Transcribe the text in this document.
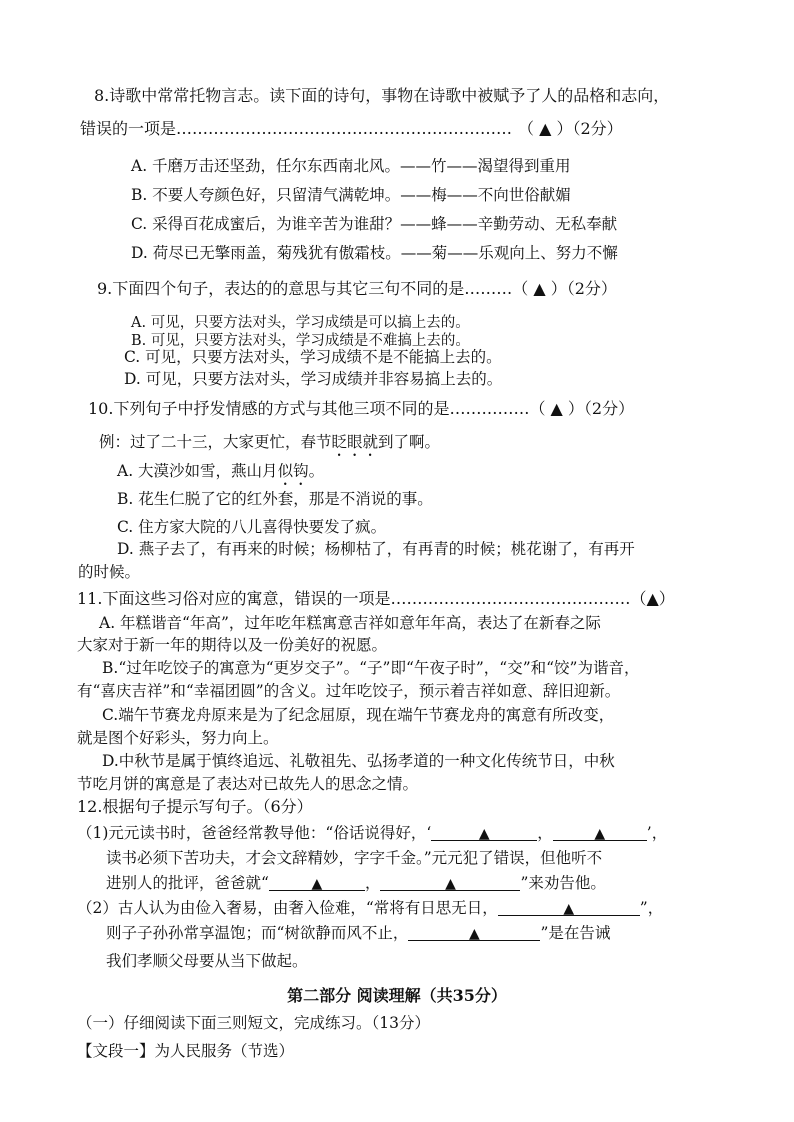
8.诗歌中常常托物言志。读下面的诗句，事物在诗歌中被赋予了人的品格和志向，
错误的一项是……………………………………………………… （ ▲ ）（2分）
A. 千磨万击还坚劲，任尔东西南北风。——竹——渴望得到重用
B. 不要人夸颜色好，只留清气满乾坤。——梅——不向世俗献媚
C. 采得百花成蜜后，为谁辛苦为谁甜？——蜂——辛勤劳动、无私奉献
D. 荷尽已无擎雨盖，菊残犹有傲霜枝。——菊——乐观向上、努力不懈
9.下面四个句子，表达的的意思与其它三句不同的是………（ ▲ ）（2分）
A. 可见，只要方法对头，学习成绩是可以搞上去的。
B. 可见，只要方法对头，学习成绩是不难搞上去的。
C. 可见，只要方法对头，学习成绩不是不能搞上去的。
D. 可见，只要方法对头，学习成绩并非容易搞上去的。
10.下列句子中抒发情感的方式与其他三项不同的是……………（ ▲ ）（2分）
例：过了二十三，大家更忙，春节眨眼就到了啊。
A. 大漠沙如雪，燕山月似钩。
B. 花生仁脱了它的红外套，那是不消说的事。
C. 住方家大院的八儿喜得快要发了疯。
D. 燕子去了，有再来的时候；杨柳枯了，有再青的时候；桃花谢了，有再开
的时候。
11.下面这些习俗对应的寓意，错误的一项是………………………………………（▲）
A. 年糕谐音“年高”，过年吃年糕寓意吉祥如意年年高，表达了在新春之际
大家对于新一年的期待以及一份美好的祝愿。
B.“过年吃饺子的寓意为“更岁交子”。“子”即“午夜子时”，“交”和“饺”为谐音，
有“喜庆吉祥”和“幸福团圆”的含义。过年吃饺子，预示着吉祥如意、辞旧迎新。
C.端午节赛龙舟原来是为了纪念屈原，现在端午节赛龙舟的寓意有所改变，
就是图个好彩头，努力向上。
D.中秋节是属于慎终追远、礼敬祖先、弘扬孝道的一种文化传统节日，中秋
节吃月饼的寓意是了表达对已故先人的思念之情。
12.根据句子提示写句子。（6分）
（1)元元读书时，爸爸经常教导他：“俗话说得好，‘	▲	，	▲	’，
读书必须下苦功夫，才会文辞精妙，字字千金。”元元犯了错误，但他听不
进别人的批评，爸爸就“	▲	，	▲	”来劝告他。
（2）古人认为由俭入奢易，由奢入俭难，“常将有日思无日，	▲	”，
则子子孙孙常享温饱；而“树欲静而风不止，	▲	”是在告诫
我们孝顺父母要从当下做起。
第二部分 阅读理解（共35分）
（一）仔细阅读下面三则短文，完成练习。（13分）
【文段一】为人民服务（节选）
